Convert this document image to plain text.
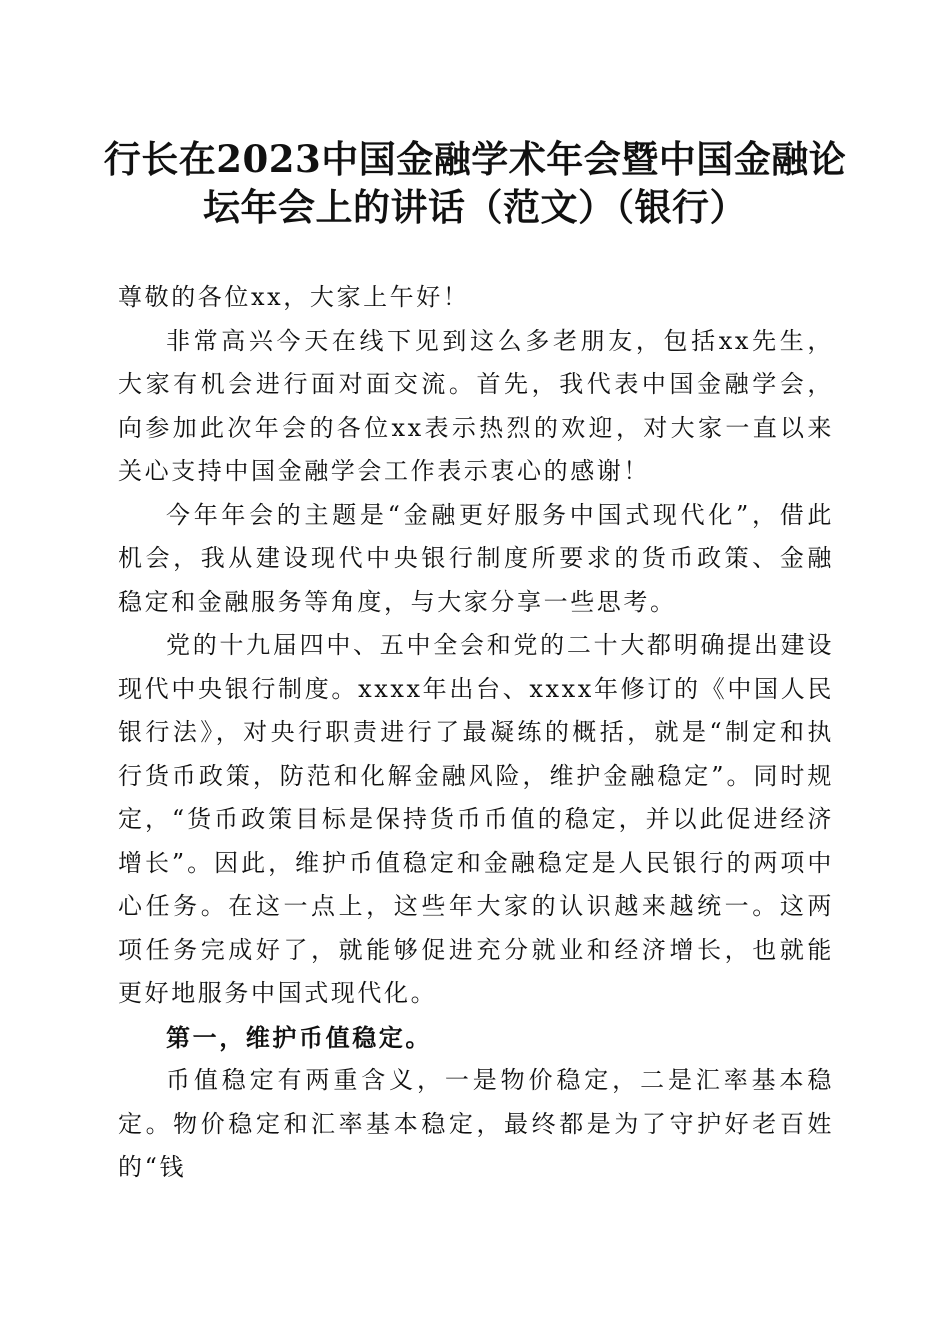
行长在2023中国金融学术年会暨中国金融论
坛年会上的讲话（范文）（银行）

尊敬的各位xx，大家上午好！

非常高兴今天在线下见到这么多老朋友，包括xx先生，大家有机会进行面对面交流。首先，我代表中国金融学会，向参加此次年会的各位xx表示热烈的欢迎，对大家一直以来关心支持中国金融学会工作表示衷心的感谢！

今年年会的主题是“金融更好服务中国式现代化”，借此机会，我从建设现代中央银行制度所要求的货币政策、金融稳定和金融服务等角度，与大家分享一些思考。

党的十九届四中、五中全会和党的二十大都明确提出建设现代中央银行制度。xxxx年出台、xxxx年修订的《中国人民银行法》，对央行职责进行了最凝练的概括，就是“制定和执行货币政策，防范和化解金融风险，维护金融稳定”。同时规定，“货币政策目标是保持货币币值的稳定，并以此促进经济增长”。因此，维护币值稳定和金融稳定是人民银行的两项中心任务。在这一点上，这些年大家的认识越来越统一。这两项任务完成好了，就能够促进充分就业和经济增长，也就能更好地服务中国式现代化。

第一，维护币值稳定。

币值稳定有两重含义，一是物价稳定，二是汇率基本稳定。物价稳定和汇率基本稳定，最终都是为了守护好老百姓的“钱
